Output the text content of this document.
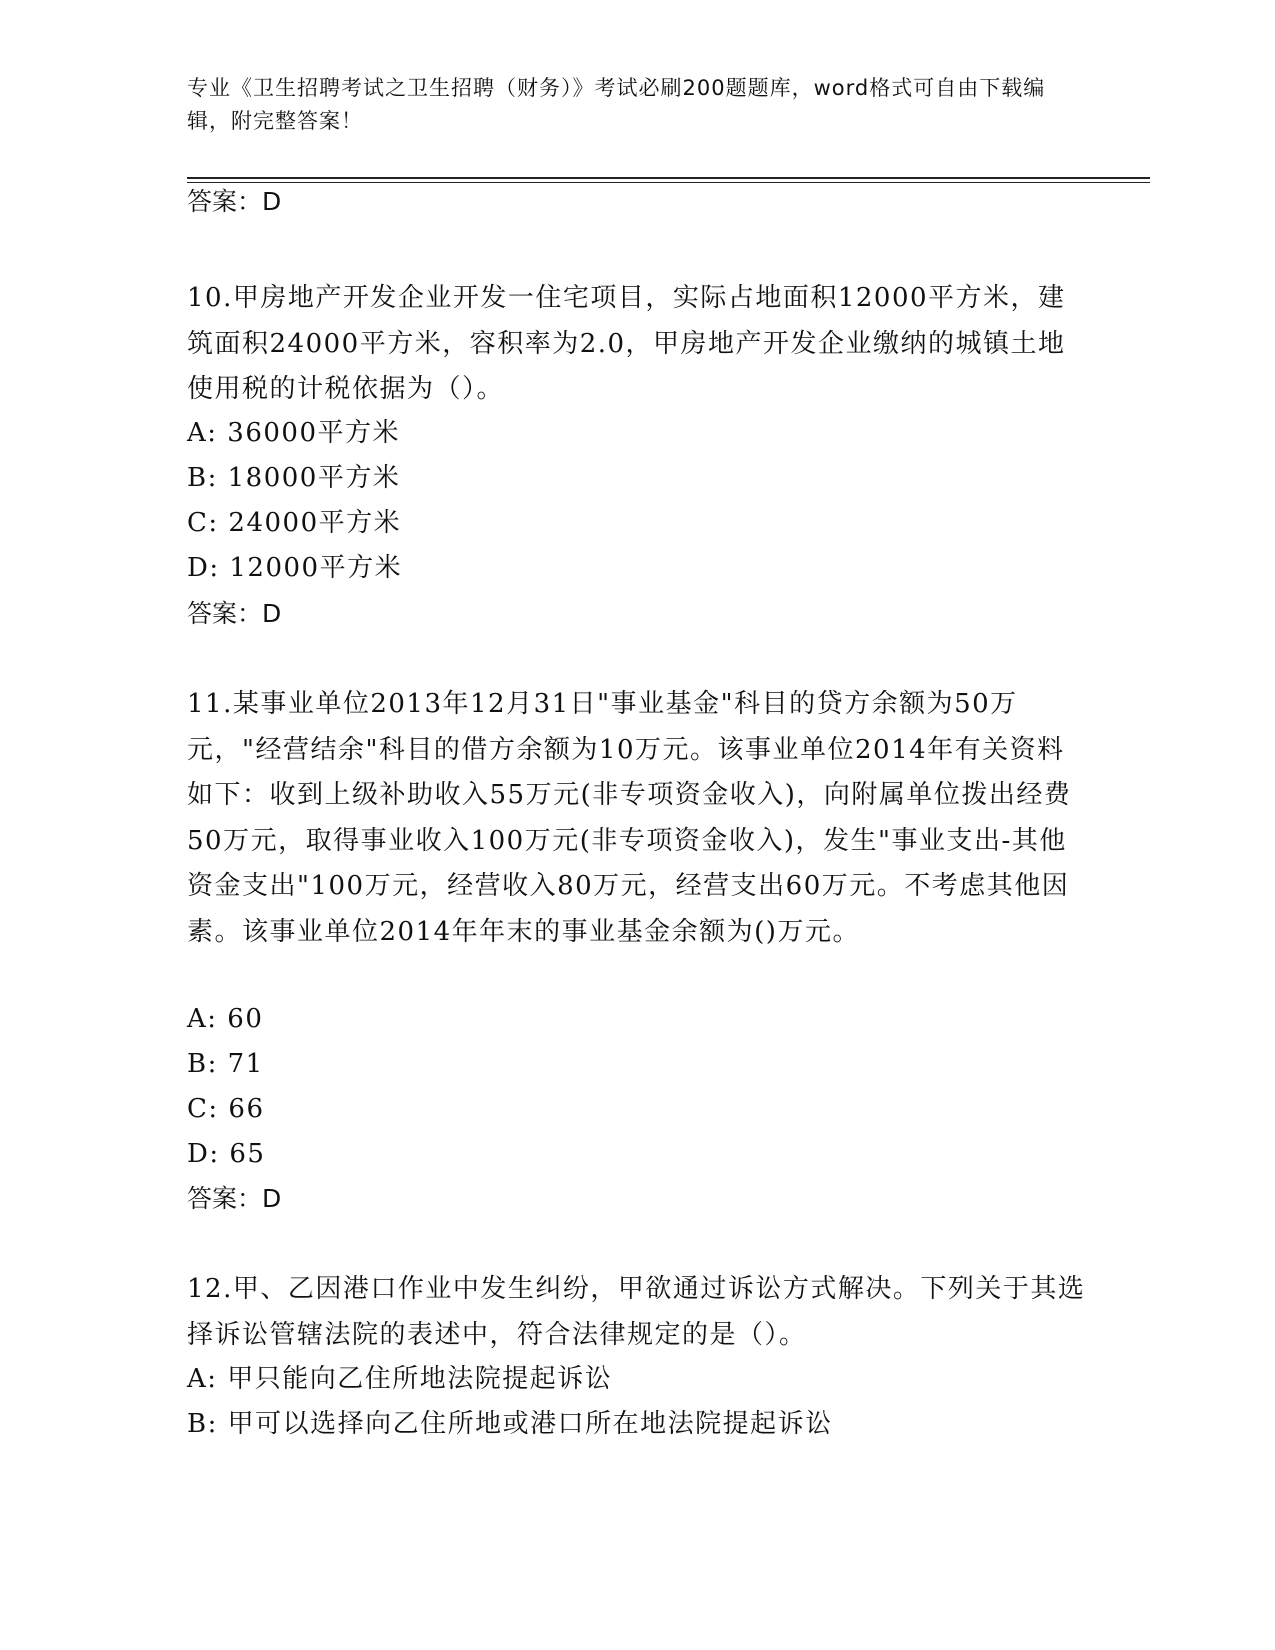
专业《卫生招聘考试之卫生招聘（财务）》考试必刷200题题库，word格式可自由下载编辑，附完整答案！
答案：D
10.甲房地产开发企业开发一住宅项目，实际占地面积12000平方米，建筑面积24000平方米，容积率为2.0，甲房地产开发企业缴纳的城镇土地使用税的计税依据为（）。
A: 36000平方米
B: 18000平方米
C: 24000平方米
D: 12000平方米
答案：D
11.某事业单位2013年12月31日"事业基金"科目的贷方余额为50万元，"经营结余"科目的借方余额为10万元。该事业单位2014年有关资料如下：收到上级补助收入55万元(非专项资金收入)，向附属单位拨出经费50万元，取得事业收入100万元(非专项资金收入)，发生"事业支出-其他资金支出"100万元，经营收入80万元，经营支出60万元。不考虑其他因素。该事业单位2014年年末的事业基金余额为()万元。
A: 60
B: 71
C: 66
D: 65
答案：D
12.甲、乙因港口作业中发生纠纷，甲欲通过诉讼方式解决。下列关于其选择诉讼管辖法院的表述中，符合法律规定的是（）。
A: 甲只能向乙住所地法院提起诉讼
B: 甲可以选择向乙住所地或港口所在地法院提起诉讼
